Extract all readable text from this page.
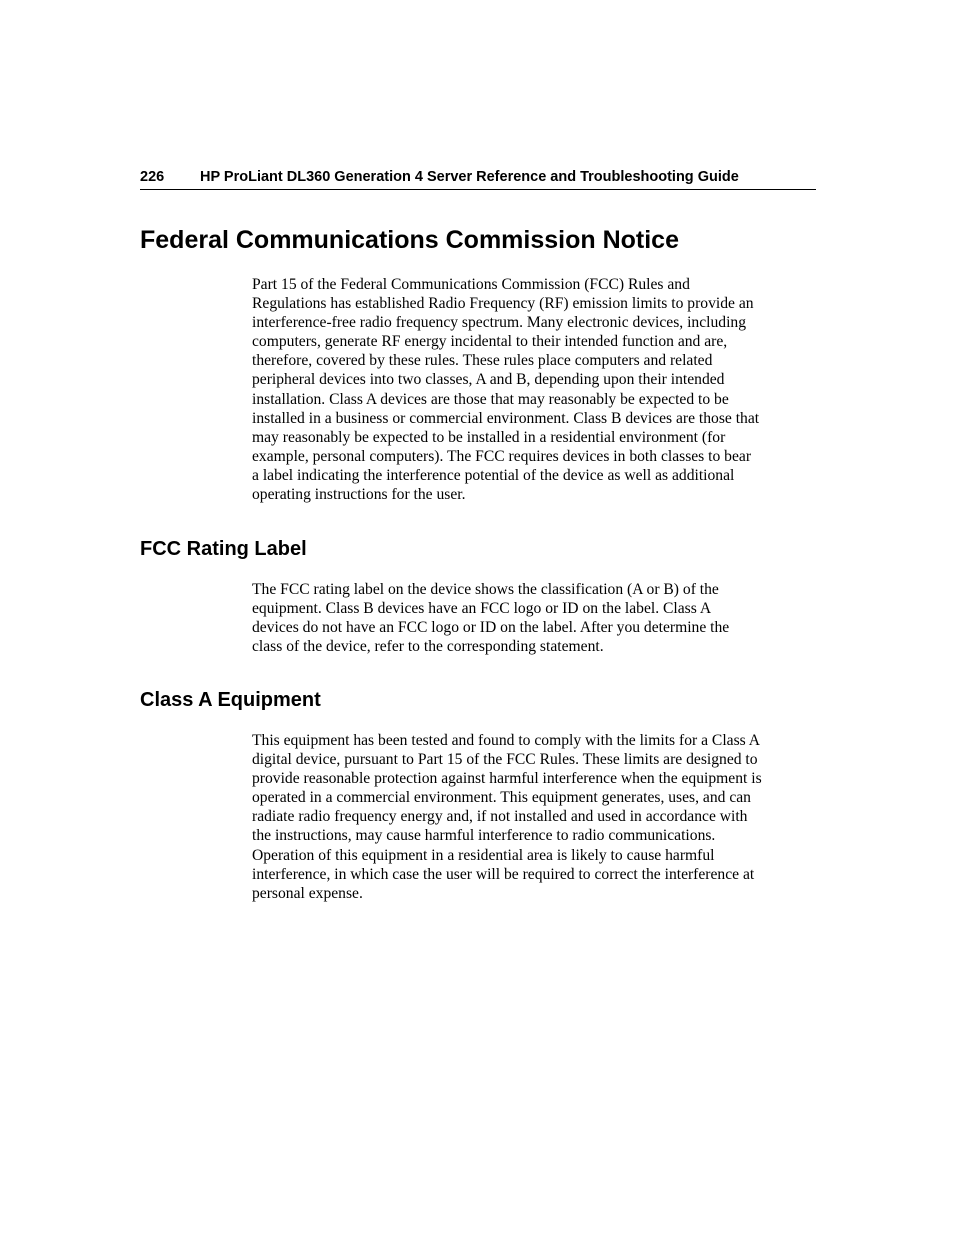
226 HP ProLiant DL360 Generation 4 Server Reference and Troubleshooting Guide
Federal Communications Commission Notice
Part 15 of the Federal Communications Commission (FCC) Rules and
Regulations has established Radio Frequency (RF) emission limits to provide an
interference-free radio frequency spectrum. Many electronic devices, including
computers, generate RF energy incidental to their intended function and are,
therefore, covered by these rules. These rules place computers and related
peripheral devices into two classes, A and B, depending upon their intended
installation. Class A devices are those that may reasonably be expected to be
installed in a business or commercial environment. Class B devices are those that
may reasonably be expected to be installed in a residential environment (for
example, personal computers). The FCC requires devices in both classes to bear
a label indicating the interference potential of the device as well as additional
operating instructions for the user.
FCC Rating Label
The FCC rating label on the device shows the classification (A or B) of the
equipment. Class B devices have an FCC logo or ID on the label. Class A
devices do not have an FCC logo or ID on the label. After you determine the
class of the device, refer to the corresponding statement.
Class A Equipment
This equipment has been tested and found to comply with the limits for a Class A
digital device, pursuant to Part 15 of the FCC Rules. These limits are designed to
provide reasonable protection against harmful interference when the equipment is
operated in a commercial environment. This equipment generates, uses, and can
radiate radio frequency energy and, if not installed and used in accordance with
the instructions, may cause harmful interference to radio communications.
Operation of this equipment in a residential area is likely to cause harmful
interference, in which case the user will be required to correct the interference at
personal expense.
